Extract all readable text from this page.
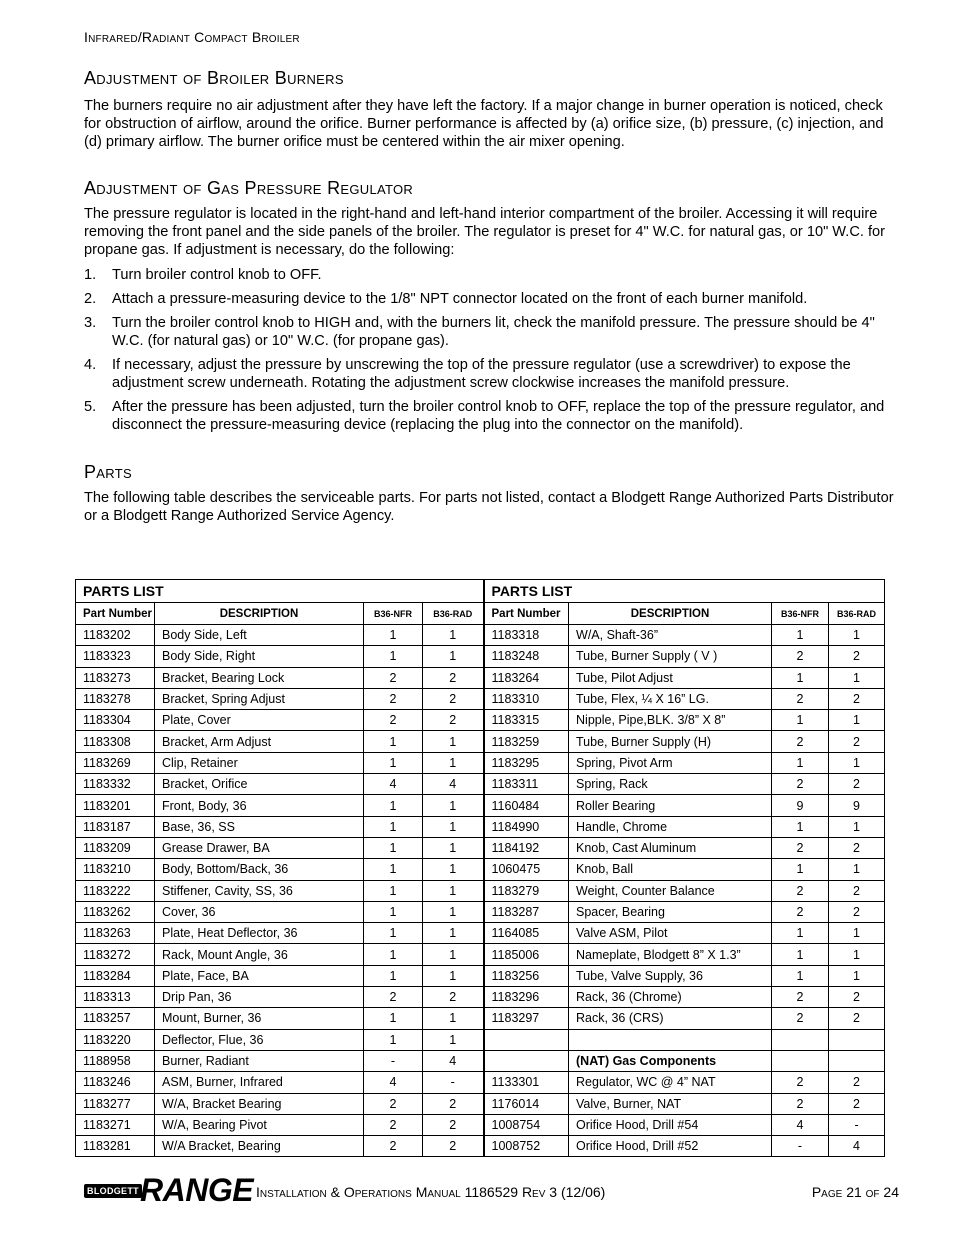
Infrared/Radiant Compact Broiler
Adjustment of Broiler Burners

The burners require no air adjustment after they have left the factory. If a major change in burner operation is noticed, check for obstruction of airflow, around the orifice. Burner performance is affected by (a) orifice size, (b) pressure, (c) injection, and (d) primary airflow. The burner orifice must be centered within the air mixer opening.

Adjustment of Gas Pressure Regulator

The pressure regulator is located in the right-hand and left-hand interior compartment of the broiler. Accessing it will require removing the front panel and the side panels of the broiler. The regulator is preset for 4" W.C. for natural gas, or 10" W.C. for propane gas. If adjustment is necessary, do the following:

1.	Turn broiler control knob to OFF.
2.	Attach a pressure-measuring device to the 1/8" NPT connector located on the front of each burner manifold.
3.	Turn the broiler control knob to HIGH and, with the burners lit, check the manifold pressure. The pressure should be 4" W.C. (for natural gas) or 10" W.C. (for propane gas).
4.	If necessary, adjust the pressure by unscrewing the top of the pressure regulator (use a screwdriver) to expose the adjustment screw underneath. Rotating the adjustment screw clockwise increases the manifold pressure.
5.	After the pressure has been adjusted, turn the broiler control knob to OFF, replace the top of the pressure regulator, and disconnect the pressure-measuring device (replacing the plug into the connector on the manifold).
Parts

The following table describes the serviceable parts. For parts not listed, contact a Blodgett Range Authorized Parts Distributor or a Blodgett Range Authorized Service Agency.

PARTS LIST				PARTS LIST			
Part Number	DESCRIPTION	B36-NFR	B36-RAD	Part Number	DESCRIPTION	B36-NFR	B36-RAD
1183202	Body Side, Left	1	1	1183318	W/A, Shaft-36”	1	1
1183323	Body Side, Right	1	1	1183248	Tube, Burner Supply ( V )	2	2
1183273	Bracket, Bearing Lock	2	2	1183264	Tube, Pilot Adjust	1	1
1183278	Bracket, Spring Adjust	2	2	1183310	Tube, Flex, ¼ X 16” LG.	2	2
1183304	Plate, Cover	2	2	1183315	Nipple, Pipe,BLK. 3/8” X 8”	1	1
1183308	Bracket, Arm Adjust	1	1	1183259	Tube, Burner Supply (H)	2	2
1183269	Clip, Retainer	1	1	1183295	Spring, Pivot Arm	1	1
1183332	Bracket, Orifice	4	4	1183311	Spring, Rack	2	2
1183201	Front, Body, 36	1	1	1160484	Roller Bearing	9	9
1183187	Base, 36, SS	1	1	1184990	Handle, Chrome	1	1
1183209	Grease Drawer, BA	1	1	1184192	Knob, Cast Aluminum	2	2
1183210	Body, Bottom/Back, 36	1	1	1060475	Knob, Ball	1	1
1183222	Stiffener, Cavity, SS, 36	1	1	1183279	Weight, Counter Balance	2	2
1183262	Cover, 36	1	1	1183287	Spacer, Bearing	2	2
1183263	Plate, Heat Deflector, 36	1	1	1164085	Valve ASM, Pilot	1	1
1183272	Rack, Mount Angle, 36	1	1	1185006	Nameplate, Blodgett 8” X 1.3”	1	1
1183284	Plate, Face, BA	1	1	1183256	Tube, Valve Supply, 36	1	1
1183313	Drip Pan, 36	2	2	1183296	Rack, 36 (Chrome)	2	2
1183257	Mount, Burner, 36	1	1	1183297	Rack, 36 (CRS)	2	2
1183220	Deflector, Flue, 36	1	1				
1188958	Burner, Radiant	-	4		(NAT) Gas Components		
1183246	ASM, Burner, Infrared	4	-	1133301	Regulator, WC @ 4” NAT	2	2
1183277	W/A, Bracket Bearing	2	2	1176014	Valve, Burner, NAT	2	2
1183271	W/A, Bearing Pivot	2	2	1008754	Orifice Hood, Drill #54	4	-
1183281	W/A Bracket, Bearing	2	2	1008752	Orifice Hood, Drill #52	-	4
BLODGETT RANGE Installation & Operations Manual 1186529 Rev 3 (12/06)	Page 21 of 24
